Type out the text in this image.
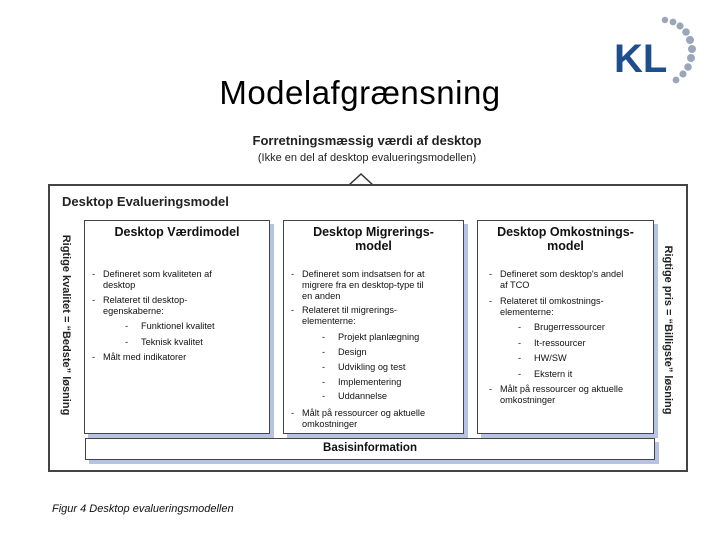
KL
Modelafgrænsning
Forretningsmæssig værdi af desktop
(Ikke en del af desktop evalueringsmodellen)
Desktop Evalueringsmodel
Rigtige kvalitet = “Bedste” løsning	Rigtige pris = “Billigste” løsning
Desktop Værdimodel
- Defineret som kvaliteten af
desktop
- Relateret til desktop-
egenskaberne:
- Funktionel kvalitet
- Teknisk kvalitet
- Målt med indikatorer
Desktop Migrerings-
model
- Defineret som indsatsen for at
migrere fra en desktop-type til
en anden
- Relateret til migrerings-
elementerne:
- Projekt planlægning
- Design
- Udvikling og test
- Implementering
- Uddannelse
- Målt på ressourcer og aktuelle
omkostninger
Desktop Omkostnings-
model
- Defineret som desktop's andel
af TCO
- Relateret til omkostnings-
elementerne:
- Brugerressourcer
- It-ressourcer
- HW/SW
- Ekstern it
- Målt på ressourcer og aktuelle
omkostninger
Basisinformation
Figur 4 Desktop evalueringsmodellen
